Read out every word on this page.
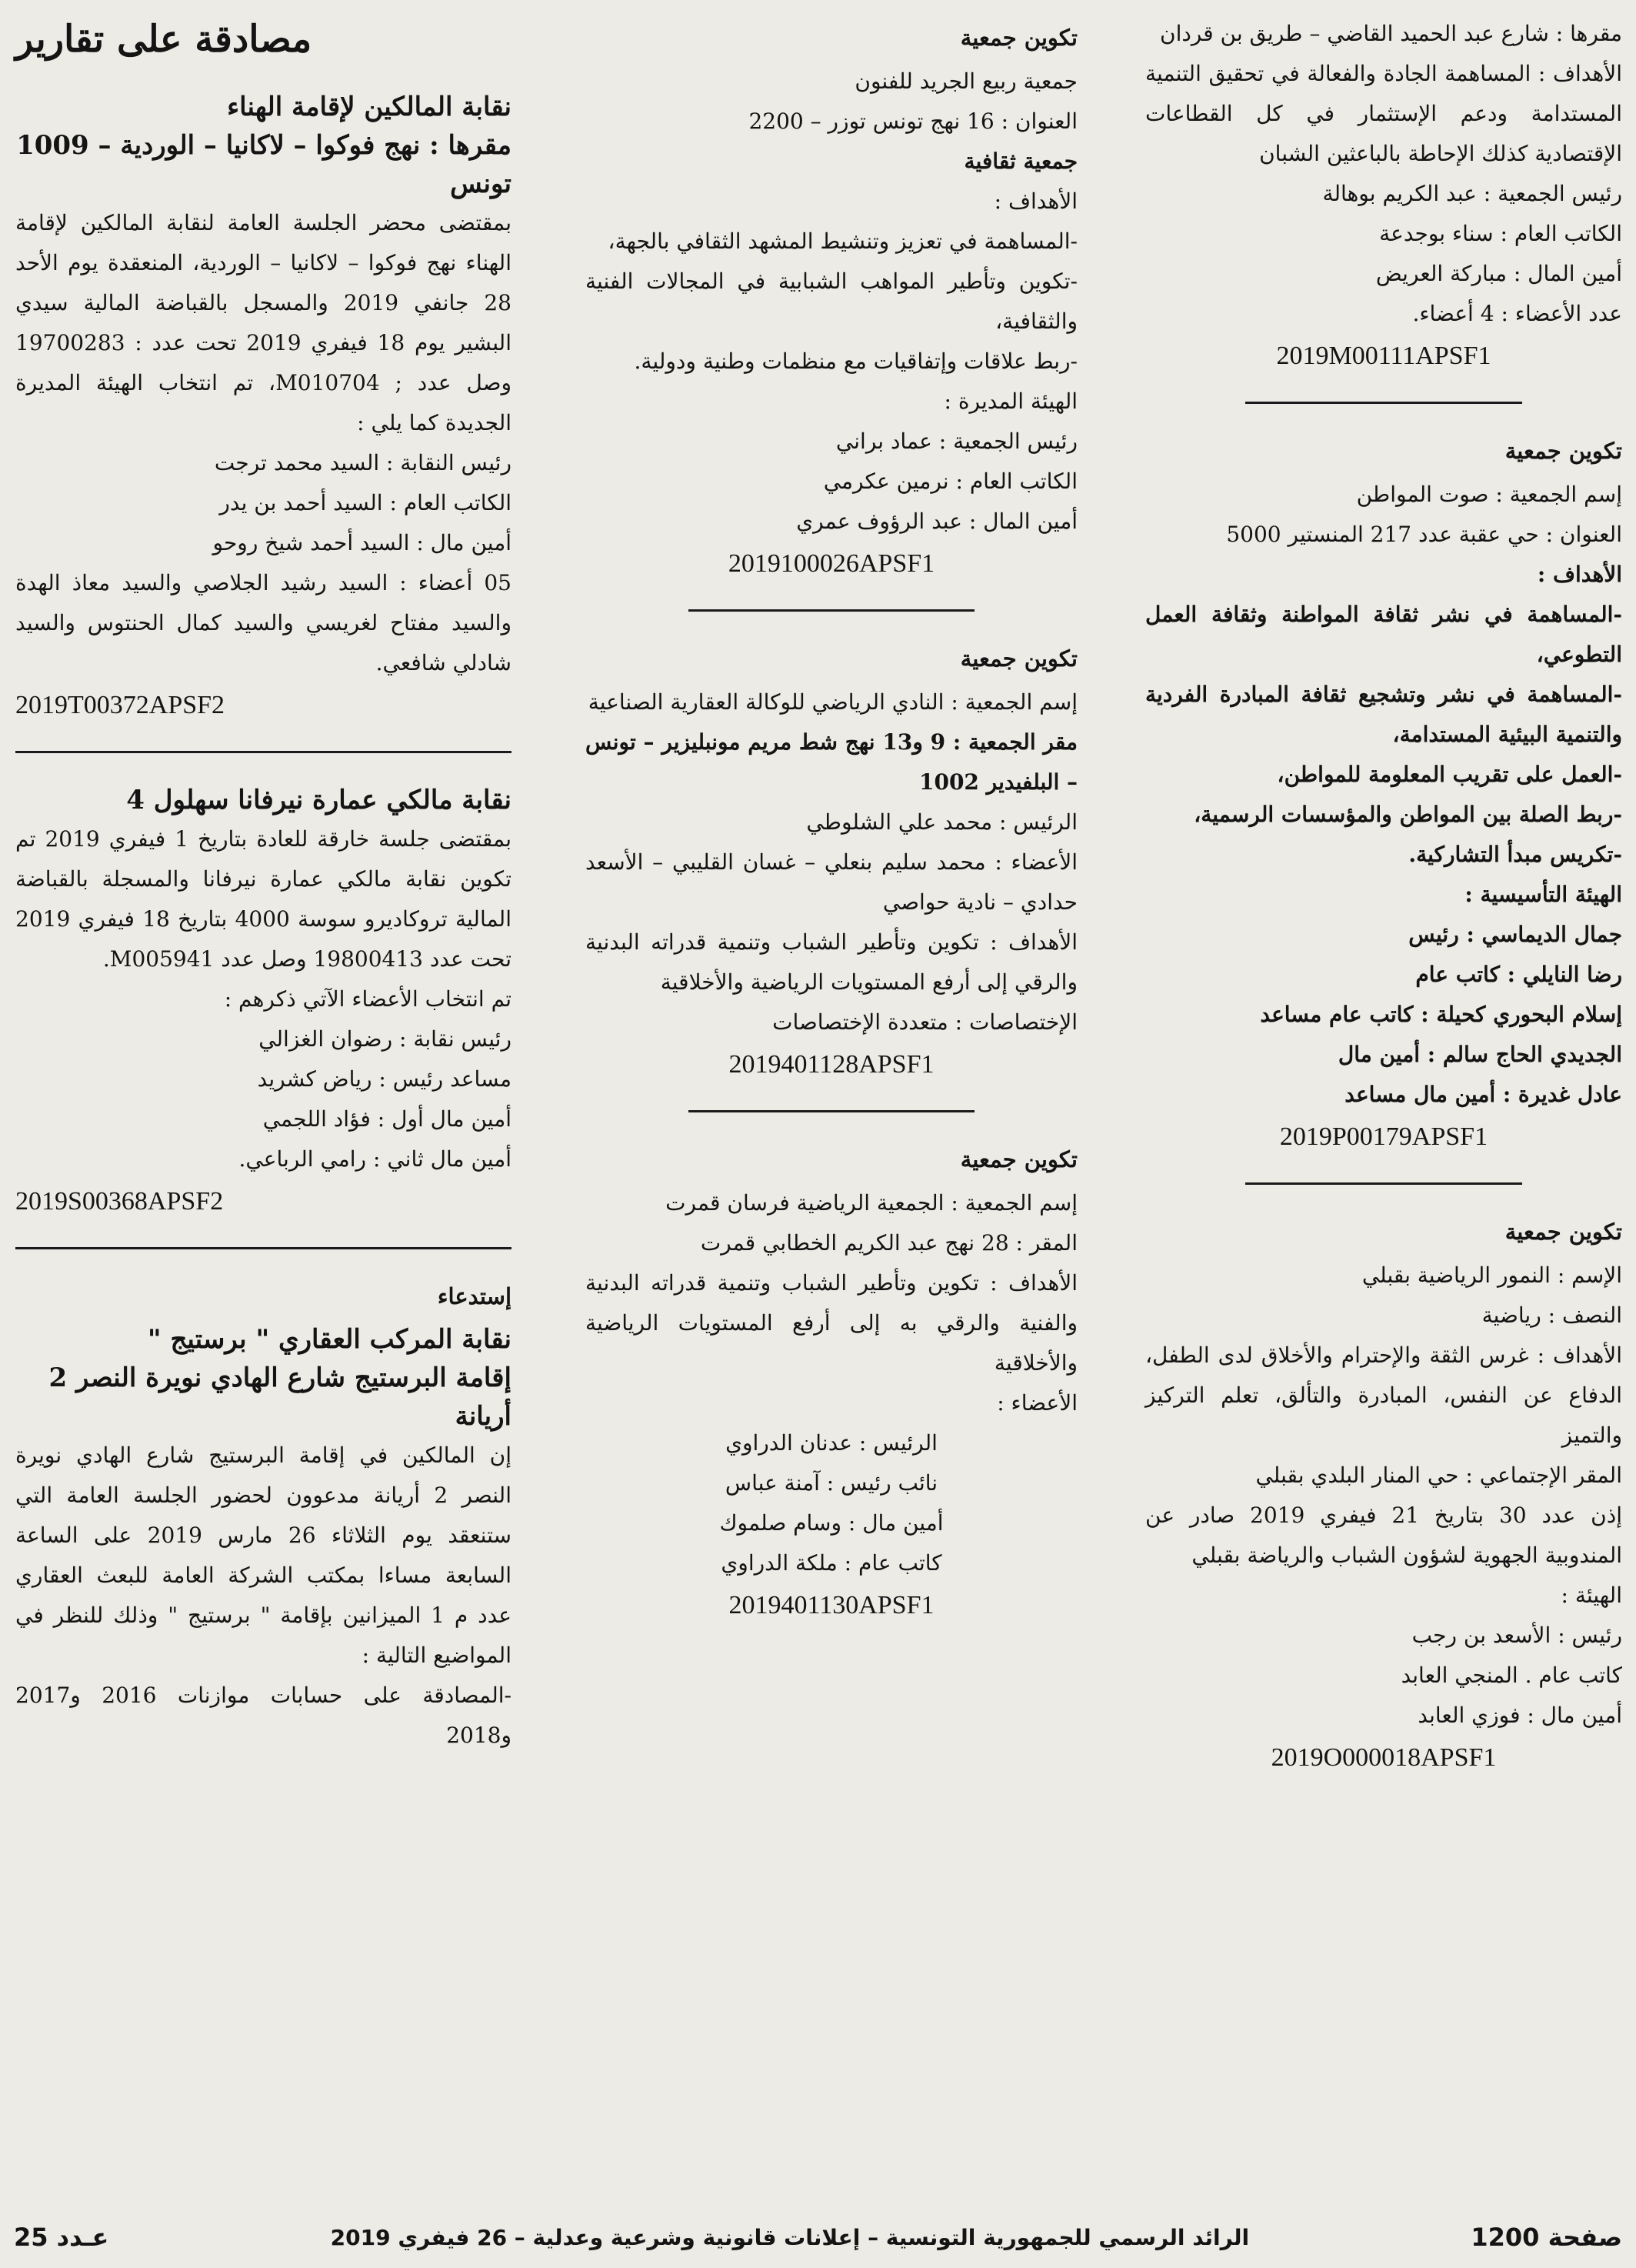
مقرها : شارع عبد الحميد القاضي – طريق بن قردان

الأهداف : المساهمة الجادة والفعالة في تحقيق التنمية المستدامة ودعم الإستثمار في كل القطاعات الإقتصادية كذلك الإحاطة بالباعثين الشبان

رئيس الجمعية : عبد الكريم بوهالة

الكاتب العام : سناء بوجدعة

أمين المال : مباركة العريض

عدد الأعضاء : 4 أعضاء.

2019M00111APSF1

تكوين جمعية

إسم الجمعية : صوت المواطن

العنوان : حي عقبة عدد 217 المنستير 5000

الأهداف :

-المساهمة في نشر ثقافة المواطنة وثقافة العمل التطوعي،

-المساهمة في نشر وتشجيع ثقافة المبادرة الفردية والتنمية البيئية المستدامة،

-العمل على تقريب المعلومة للمواطن،

-ربط الصلة بين المواطن والمؤسسات الرسمية،

-تكريس مبدأ التشاركية.

الهيئة التأسيسية :

جمال الديماسي : رئيس

رضا النايلي : كاتب عام

إسلام البحوري كحيلة : كاتب عام مساعد

الجديدي الحاج سالم : أمين مال

عادل غديرة : أمين مال مساعد

2019P00179APSF1

تكوين جمعية

الإسم : النمور الرياضية بقبلي

النصف : رياضية

الأهداف : غرس الثقة والإحترام والأخلاق لدى الطفل، الدفاع عن النفس، المبادرة والتألق، تعلم التركيز والتميز

المقر الإجتماعي : حي المنار البلدي بقبلي

إذن عدد 30 بتاريخ 21 فيفري 2019 صادر عن المندوبية الجهوية لشؤون الشباب والرياضة بقبلي

الهيئة :

رئيس : الأسعد بن رجب

كاتب عام . المنجي العابد

أمين مال : فوزي العابد

2019O000018APSF1

تكوين جمعية

جمعية ربيع الجريد للفنون

العنوان : 16 نهج تونس توزر – 2200

جمعية ثقافية

الأهداف :

-المساهمة في تعزيز وتنشيط المشهد الثقافي بالجهة،

-تكوين وتأطير المواهب الشبابية في المجالات الفنية والثقافية،

-ربط علاقات وإتفاقيات مع منظمات وطنية ودولية.

الهيئة المديرة :

رئيس الجمعية : عماد براني

الكاتب العام : نرمين عكرمي

أمين المال : عبد الرؤوف عمري

2019100026APSF1

تكوين جمعية

إسم الجمعية : النادي الرياضي للوكالة العقارية الصناعية

مقر الجمعية : 9 و13 نهج شط مريم مونبليزير – تونس – البلفيدير 1002

الرئيس : محمد علي الشلوطي

الأعضاء : محمد سليم بنعلي – غسان القليبي – الأسعد حدادي – نادية حواصي

الأهداف : تكوين وتأطير الشباب وتنمية قدراته البدنية والرقي إلى أرفع المستويات الرياضية والأخلاقية

الإختصاصات : متعددة الإختصاصات

2019401128APSF1

تكوين جمعية

إسم الجمعية : الجمعية الرياضية فرسان قمرت

المقر : 28 نهج عبد الكريم الخطابي قمرت

الأهداف : تكوين وتأطير الشباب وتنمية قدراته البدنية والفنية والرقي به إلى أرفع المستويات الرياضية والأخلاقية

الأعضاء :

الرئيس : عدنان الدراوي

نائب رئيس : آمنة عباس

أمين مال : وسام صلموك

كاتب عام : ملكة الدراوي

2019401130APSF1

مصادقة على تقارير

نقابة المالكين لإقامة الهناء

مقرها : نهج فوكوا – لاكانيا – الوردية – 1009 تونس

بمقتضى محضر الجلسة العامة لنقابة المالكين لإقامة الهناء نهج فوكوا – لاكانيا – الوردية، المنعقدة يوم الأحد 28 جانفي 2019 والمسجل بالقباضة المالية سيدي البشير يوم 18 فيفري 2019 تحت عدد : 19700283 وصل عدد ; M010704، تم انتخاب الهيئة المديرة الجديدة كما يلي :

رئيس النقابة : السيد محمد ترجت

الكاتب العام : السيد أحمد بن يدر

أمين مال : السيد أحمد شيخ روحو

05 أعضاء : السيد رشيد الجلاصي والسيد معاذ الهدة والسيد مفتاح لغريسي والسيد كمال الحنتوس والسيد شادلي شافعي.

2019T00372APSF2

نقابة مالكي عمارة نيرفانا سهلول 4

بمقتضى جلسة خارقة للعادة بتاريخ 1 فيفري 2019 تم تكوين نقابة مالكي عمارة نيرفانا والمسجلة بالقباضة المالية تروكاديرو سوسة 4000 بتاريخ 18 فيفري 2019 تحت عدد 19800413 وصل عدد M005941.

تم انتخاب الأعضاء الآتي ذكرهم :

رئيس نقابة : رضوان الغزالي

مساعد رئيس : رياض كشريد

أمين مال أول : فؤاد اللجمي

أمين مال ثاني : رامي الرباعي.

2019S00368APSF2

إستدعاء

نقابة المركب العقاري " برستيج "

إقامة البرستيج شارع الهادي نويرة النصر 2 أريانة

إن المالكين في إقامة البرستيج شارع الهادي نويرة النصر 2 أريانة مدعوون لحضور الجلسة العامة التي ستنعقد يوم الثلاثاء 26 مارس 2019 على الساعة السابعة مساءا بمكتب الشركة العامة للبعث العقاري عدد م 1 الميزانين بإقامة " برستيج " وذلك للنظر في المواضيع التالية :

-المصادقة على حسابات موازنات 2016 و2017 و2018

صفحة 1200
الرائد الرسمي للجمهورية التونسية – إعلانات قانونية وشرعية وعدلية – 26 فيفري 2019
عـدد 25
